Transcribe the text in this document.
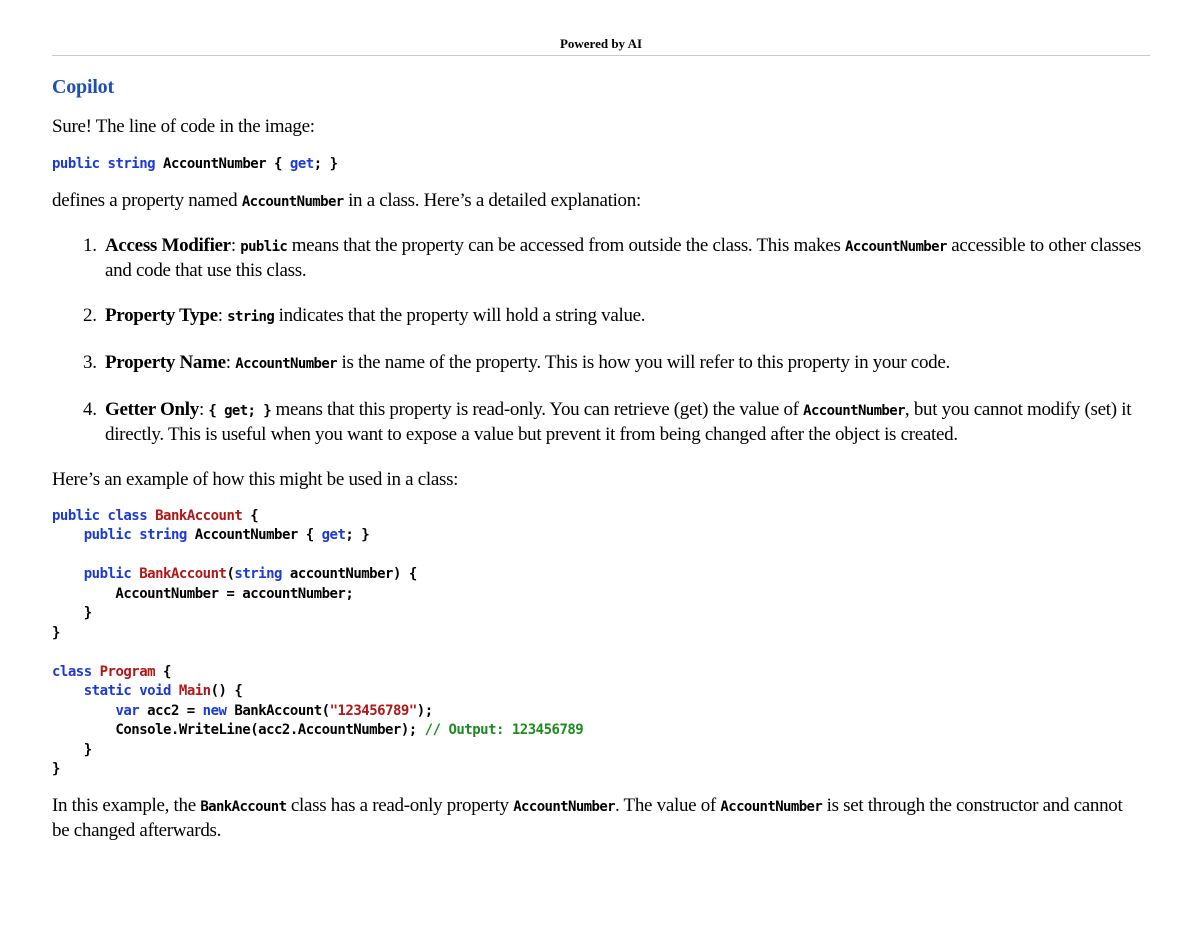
Powered by AI
Copilot

Sure! The line of code in the image:

public string AccountNumber { get; }

defines a property named AccountNumber in a class. Here’s a detailed explanation:

1. Access Modifier: public means that the property can be accessed from outside the class. This makes AccountNumber accessible to other classes and code that use this class.
2. Property Type: string indicates that the property will hold a string value.
3. Property Name: AccountNumber is the name of the property. This is how you will refer to this property in your code.
4. Getter Only: { get; } means that this property is read-only. You can retrieve (get) the value of AccountNumber, but you cannot modify (set) it directly. This is useful when you want to expose a value but prevent it from being changed after the object is created.

Here’s an example of how this might be used in a class:

public class BankAccount {
public string AccountNumber { get; }

public BankAccount(string accountNumber) {
AccountNumber = accountNumber;
}
}

class Program {
static void Main() {
var acc2 = new BankAccount("123456789");
Console.WriteLine(acc2.AccountNumber); // Output: 123456789
}
}

In this example, the BankAccount class has a read-only property AccountNumber. The value of AccountNumber is set through the constructor and cannot be changed afterwards.
